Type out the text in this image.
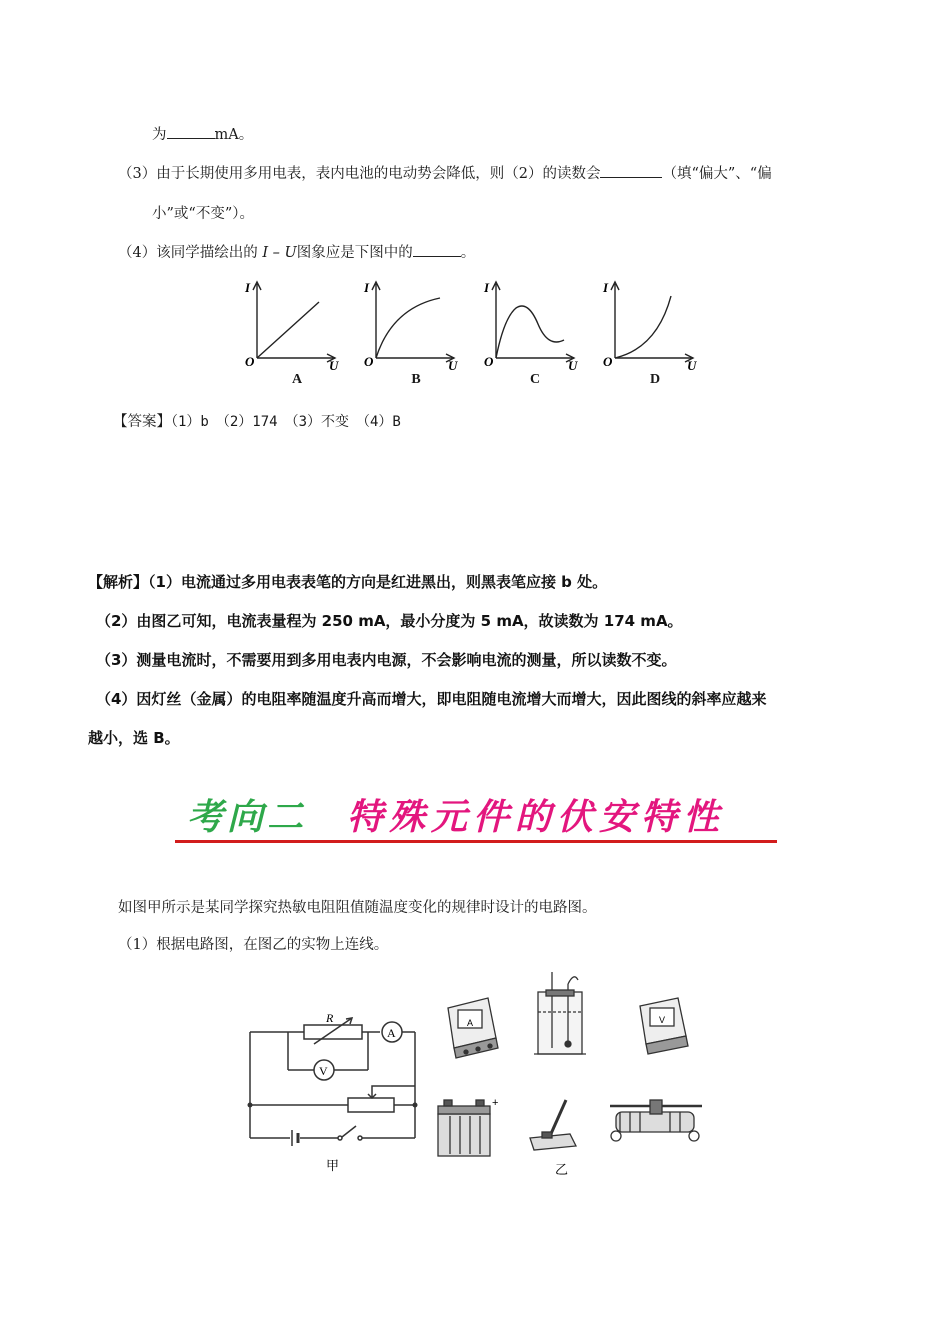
为	mA。
（3）由于长期使用多用电表，表内电池的电动势会降低，则（2）的读数会	（填“偏大”、“偏
小”或“不变”）。
（4）该同学描绘出的 I – U图象应是下图中的	。
I
O	U
A
I
O	U
B
I
O	U
C
I
O	U
D
【答案】（1）b　（2）174　（3）不变　（4）B
【解析】（1）电流通过多用电表表笔的方向是红进黑出，则黑表笔应接 b 处。
（2）由图乙可知，电流表量程为 250 mA，最小分度为 5 mA，故读数为 174 mA。
（3）测量电流时，不需要用到多用电表内电源，不会影响电流的测量，所以读数不变。
（4）因灯丝（金属）的电阻率随温度升高而增大，即电阻随电流增大而增大，因此图线的斜率应越来
越小，选 B。
考向二 特殊元件的伏安特性
如图甲所示是某同学探究热敏电阻阻值随温度变化的规律时设计的电路图。
（1）根据电路图，在图乙的实物上连线。
R
A
V
甲
A	V
+
乙
